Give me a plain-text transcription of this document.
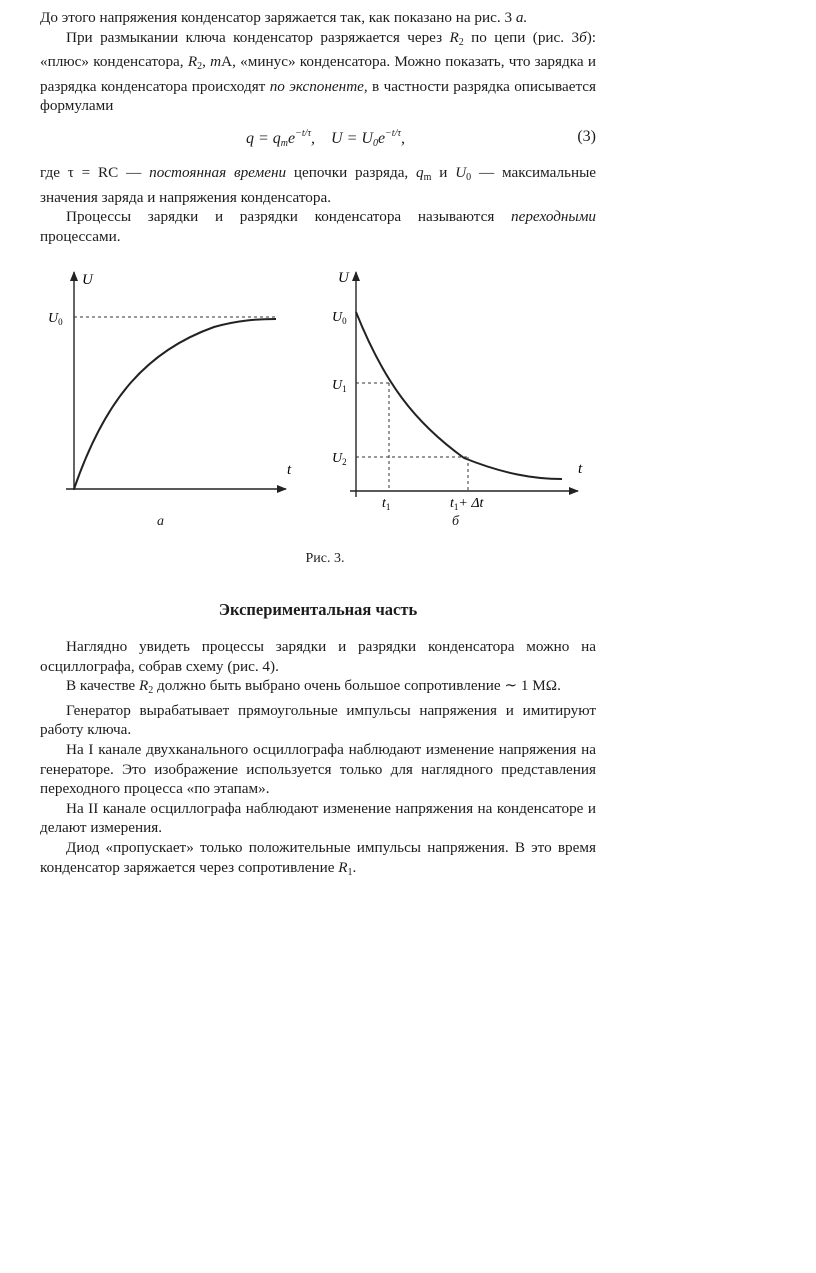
До этого напряжения конденсатор заряжается так, как показано на рис. 3 а.

При размыкании ключа конденсатор разряжается через $R_2$ по цепи (рис. 3б): «плюс» конденсатора, $R_2$, mA, «минус» конденсатора. Можно показать, что зарядка и разрядка конденсатора происходят по экспоненте, в частности разрядка описывается формулами

$q = q_me^{-t/\tau}$,    $U = U_0e^{-t/\tau}$,	(3)

где τ = RC — постоянная времени цепочки разряда, $q_m$ и $U_0$ — максимальные значения заряда и напряжения конденсатора.

Процессы зарядки и разрядки конденсатора называются переходными процессами.

U
t
$U_0$
U
t
$U_0$
$U_1$
$U_2$
$t_1$	$t_1+ \Delta t$
а	б
Рис. 3.
Экспериментальная часть

Наглядно увидеть процессы зарядки и разрядки конденсатора можно на осциллографа, собрав схему (рис. 4).

В качестве $R_2$ должно быть выбрано очень большое сопротивление ∼ 1 MΩ.

Генератор вырабатывает прямоугольные импульсы напряжения и имитируют работу ключа.

На I канале двухканального осциллографа наблюдают изменение напряжения на генераторе. Это изображение используется только для наглядного представления переходного процесса «по этапам».

На II канале осциллографа наблюдают изменение напряжения на конденсаторе и делают измерения.

Диод «пропускает» только положительные импульсы напряжения. В это время конденсатор заряжается через сопротивление $R_1$.
